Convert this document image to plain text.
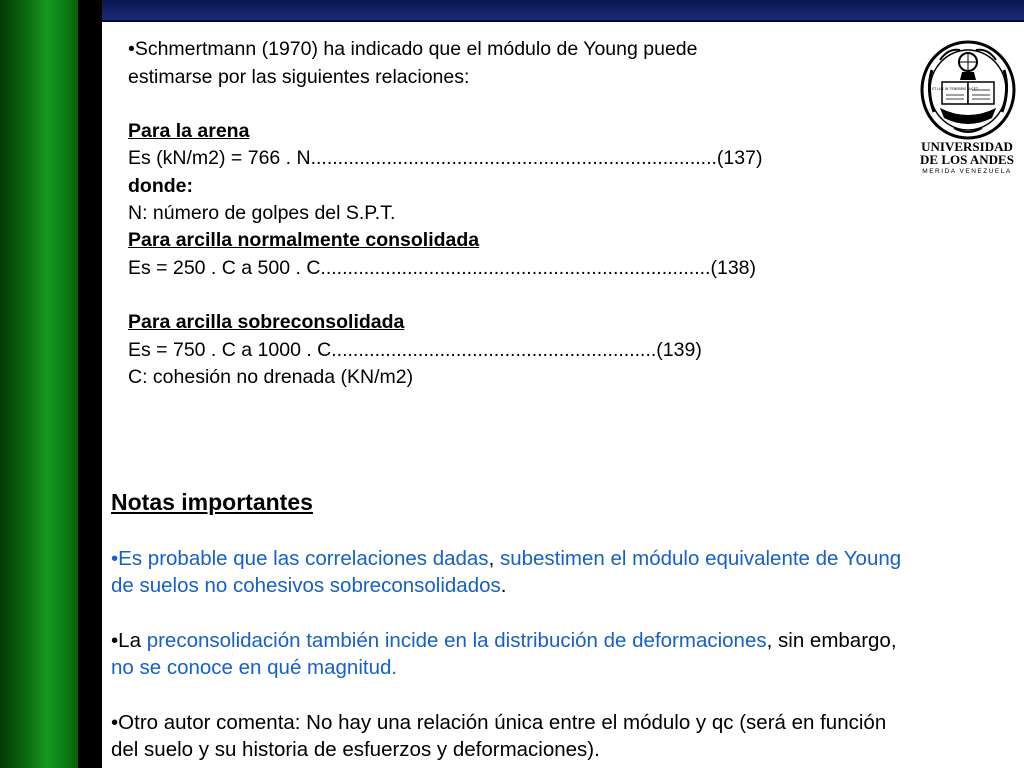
•Schmertmann (1970) ha indicado que el módulo de Young puede
estimarse por las siguientes relaciones:
Para la arena
Es (kN/m2) = 766 . N...........................................................................(137)
donde:
N: número de golpes del S.P.T.
Para arcilla normalmente consolidada
Es = 250 . C a 500 . C........................................................................(138)
Para arcilla sobreconsolidada
Es = 750 . C a 1000 . C............................................................(139)
C: cohesión no drenada (KN/m2)
ET LUX IN TENEBRIS LUCET
UNIVERSIDAD
DE LOS ANDES
MERIDA VENEZUELA
Notas importantes
•Es probable que las correlaciones dadas, subestimen el módulo equivalente de Young
de suelos no cohesivos sobreconsolidados.
•La preconsolidación también incide en la distribución de deformaciones, sin embargo,
no se conoce en qué magnitud.
•Otro autor comenta: No hay una relación única entre el módulo y qc (será en función
del suelo y su historia de esfuerzos y deformaciones).
